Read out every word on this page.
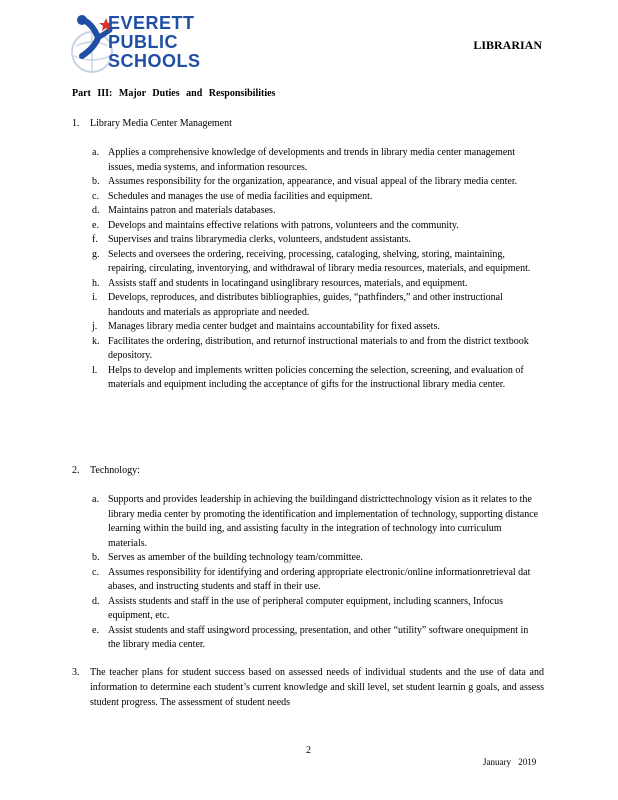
EVERETT
PUBLIC
SCHOOLS
LIBRARIAN
Part III: Major Duties and Responsibilities
1. Library Media Center Management
a. Applies a comprehensive knowledge of developments and trends in library media center management issues, media systems, and information resources.
b. Assumes responsibility for the organization, appearance, and visual appeal of the library media center.
c. Schedules and manages the use of media facilities and equipment.
d. Maintains patron and materials databases.
e. Develops and maintains effective relations with patrons, volunteers and the community.
f. Supervises and trains librarymedia clerks, volunteers, andstudent assistants.
g. Selects and oversees the ordering, receiving, processing, cataloging, shelving, storing, maintaining, repairing, circulating, inventorying, and withdrawal of library media resources, materials, and equipment.
h. Assists staff and students in locatingand usinglibrary resources, materials, and equipment.
i. Develops, reproduces, and distributes bibliographies, guides, “pathfinders,” and other instructional handouts and materials as appropriate and needed.
j. Manages library media center budget and maintains accountability for fixed assets.
k. Facilitates the ordering, distribution, and returnof instructional materials to and from the district textbook depository.
l. Helps to develop and implements written policies concerning the selection, screening, and evaluation of materials and equipment including the acceptance of gifts for the instructional library media center.
2. Technology:
a. Supports and provides leadership in achieving the buildingand districttechnology vision as it relates to the library media center by promoting the identification and implementation of technology, supporting distance learning within the build ing, and assisting faculty in the integration of technology into curriculum materials.
b. Serves as amember of the building technology team/committee.
c. Assumes responsibility for identifying and ordering appropriate electronic/online informationretrieval dat abases, and instructing students and staff in their use.
d. Assists students and staff in the use of peripheral computer equipment, including scanners, Infocus equipment, etc.
e. Assist students and staff usingword processing, presentation, and other “utility” software onequipment in the library media center.
3.	The teacher plans for student success based on assessed needs of individual students and the use of data and information to determine each student’s current knowledge and skill level, set student learnin g goals, and assess student progress. The assessment of student needs
2
January 2019
